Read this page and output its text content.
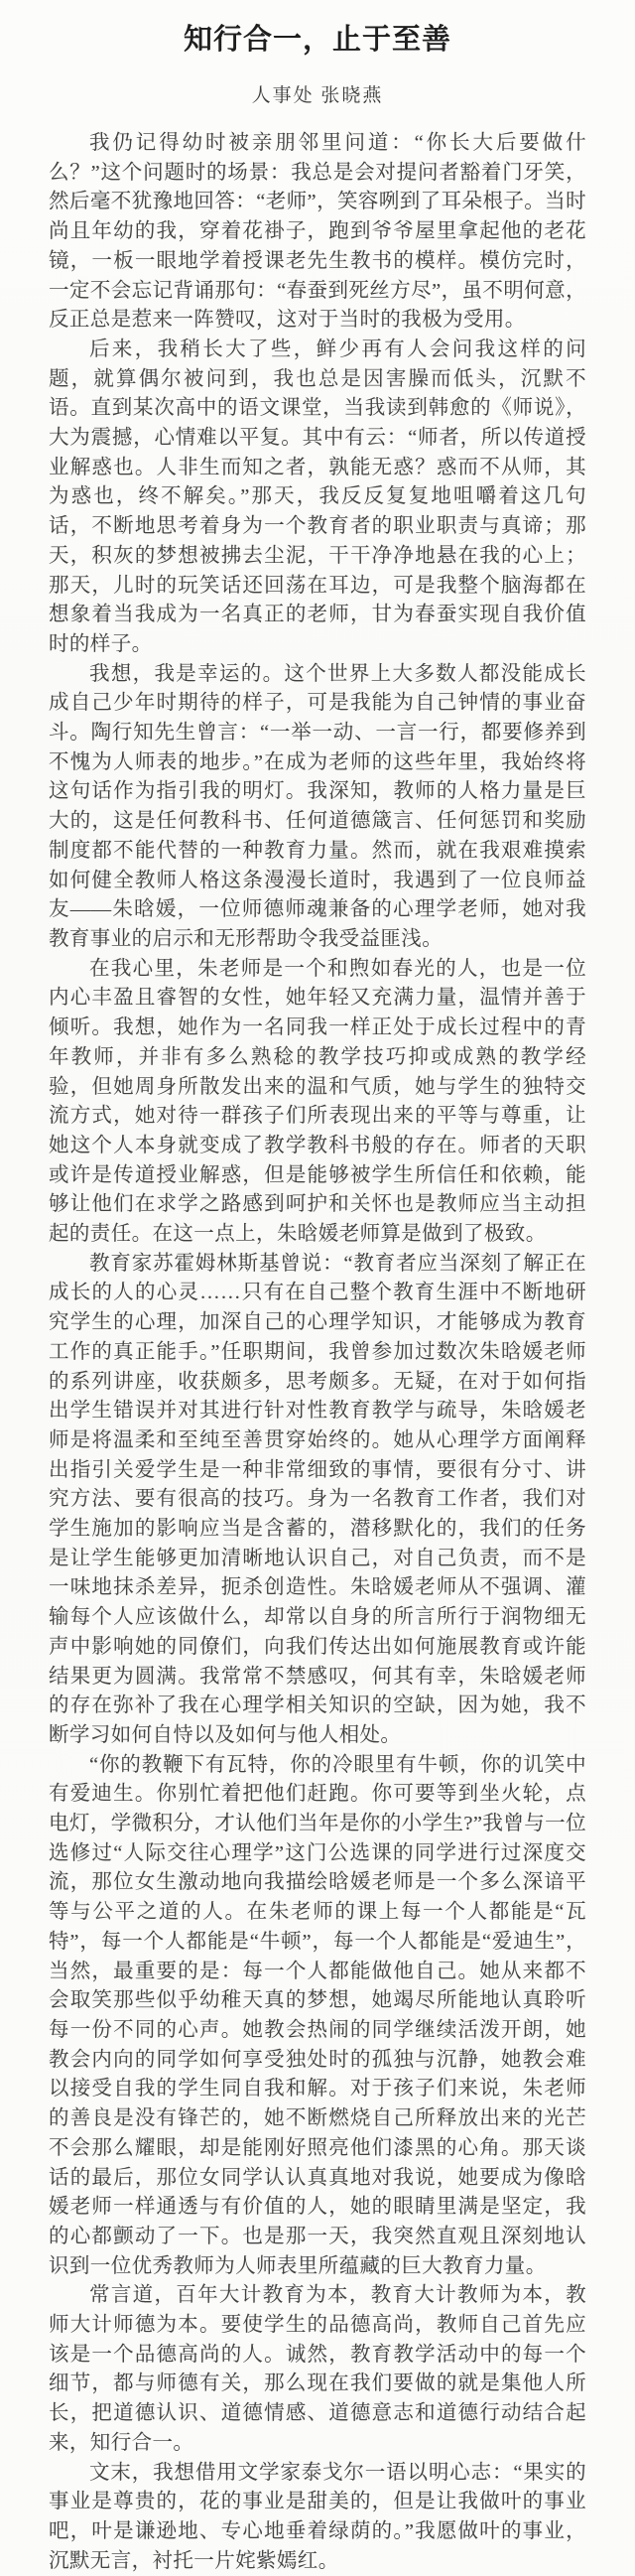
知行合一，止于至善
人事处 张晓燕

我仍记得幼时被亲朋邻里问道：“你长大后要做什么？”这个问题时的场景：我总是会对提问者豁着门牙笑，然后毫不犹豫地回答：“老师”，笑容咧到了耳朵根子。当时尚且年幼的我，穿着花褂子，跑到爷爷屋里拿起他的老花镜，一板一眼地学着授课老先生教书的模样。模仿完时，一定不会忘记背诵那句：“春蚕到死丝方尽”，虽不明何意，反正总是惹来一阵赞叹，这对于当时的我极为受用。

后来，我稍长大了些，鲜少再有人会问我这样的问题，就算偶尔被问到，我也总是因害臊而低头，沉默不语。直到某次高中的语文课堂，当我读到韩愈的《师说》，大为震撼，心情难以平复。其中有云：“师者，所以传道授业解惑也。人非生而知之者，孰能无惑？惑而不从师，其为惑也，终不解矣。”那天，我反反复复地咀嚼着这几句话，不断地思考着身为一个教育者的职业职责与真谛；那天，积灰的梦想被拂去尘泥，干干净净地悬在我的心上；那天，儿时的玩笑话还回荡在耳边，可是我整个脑海都在想象着当我成为一名真正的老师，甘为春蚕实现自我价值时的样子。

我想，我是幸运的。这个世界上大多数人都没能成长成自己少年时期待的样子，可是我能为自己钟情的事业奋斗。陶行知先生曾言：“一举一动、一言一行，都要修养到不愧为人师表的地步。”在成为老师的这些年里，我始终将这句话作为指引我的明灯。我深知，教师的人格力量是巨大的，这是任何教科书、任何道德箴言、任何惩罚和奖励制度都不能代替的一种教育力量。然而，就在我艰难摸索如何健全教师人格这条漫漫长道时，我遇到了一位良师益友——朱晗媛，一位师德师魂兼备的心理学老师，她对我教育事业的启示和无形帮助令我受益匪浅。

在我心里，朱老师是一个和煦如春光的人，也是一位内心丰盈且睿智的女性，她年轻又充满力量，温情并善于倾听。我想，她作为一名同我一样正处于成长过程中的青年教师，并非有多么熟稔的教学技巧抑或成熟的教学经验，但她周身所散发出来的温和气质，她与学生的独特交流方式，她对待一群孩子们所表现出来的平等与尊重，让她这个人本身就变成了教学教科书般的存在。师者的天职或许是传道授业解惑，但是能够被学生所信任和依赖，能够让他们在求学之路感到呵护和关怀也是教师应当主动担起的责任。在这一点上，朱晗媛老师算是做到了极致。

教育家苏霍姆林斯基曾说：“教育者应当深刻了解正在成长的人的心灵……只有在自己整个教育生涯中不断地研究学生的心理，加深自己的心理学知识，才能够成为教育工作的真正能手。”任职期间，我曾参加过数次朱晗媛老师的系列讲座，收获颇多，思考颇多。无疑，在对于如何指出学生错误并对其进行针对性教育教学与疏导，朱晗媛老师是将温柔和至纯至善贯穿始终的。她从心理学方面阐释出指引关爱学生是一种非常细致的事情，要很有分寸、讲究方法、要有很高的技巧。身为一名教育工作者，我们对学生施加的影响应当是含蓄的，潜移默化的，我们的任务是让学生能够更加清晰地认识自己，对自己负责，而不是一味地抹杀差异，扼杀创造性。朱晗媛老师从不强调、灌输每个人应该做什么，却常以自身的所言所行于润物细无声中影响她的同僚们，向我们传达出如何施展教育或许能结果更为圆满。我常常不禁感叹，何其有幸，朱晗媛老师的存在弥补了我在心理学相关知识的空缺，因为她，我不断学习如何自恃以及如何与他人相处。

“你的教鞭下有瓦特，你的冷眼里有牛顿，你的讥笑中有爱迪生。你别忙着把他们赶跑。你可要等到坐火轮，点电灯，学微积分，才认他们当年是你的小学生?”我曾与一位选修过“人际交往心理学”这门公选课的同学进行过深度交流，那位女生激动地向我描绘晗媛老师是一个多么深谙平等与公平之道的人。在朱老师的课上每一个人都能是“瓦特”，每一个人都能是“牛顿”，每一个人都能是“爱迪生”，当然，最重要的是：每一个人都能做他自己。她从来都不会取笑那些似乎幼稚天真的梦想，她竭尽所能地认真聆听每一份不同的心声。她教会热闹的同学继续活泼开朗，她教会内向的同学如何享受独处时的孤独与沉静，她教会难以接受自我的学生同自我和解。对于孩子们来说，朱老师的善良是没有锋芒的，她不断燃烧自己所释放出来的光芒不会那么耀眼，却是能刚好照亮他们漆黑的心角。那天谈话的最后，那位女同学认认真真地对我说，她要成为像晗媛老师一样通透与有价值的人，她的眼睛里满是坚定，我的心都颤动了一下。也是那一天，我突然直观且深刻地认识到一位优秀教师为人师表里所蕴藏的巨大教育力量。

常言道，百年大计教育为本，教育大计教师为本，教师大计师德为本。要使学生的品德高尚，教师自己首先应该是一个品德高尚的人。诚然，教育教学活动中的每一个细节，都与师德有关，那么现在我们要做的就是集他人所长，把道德认识、道德情感、道德意志和道德行动结合起来，知行合一。

文末，我想借用文学家泰戈尔一语以明心志：“果实的事业是尊贵的，花的事业是甜美的，但是让我做叶的事业吧，叶是谦逊地、专心地垂着绿荫的。”我愿做叶的事业，沉默无言，衬托一片姹紫嫣红。
